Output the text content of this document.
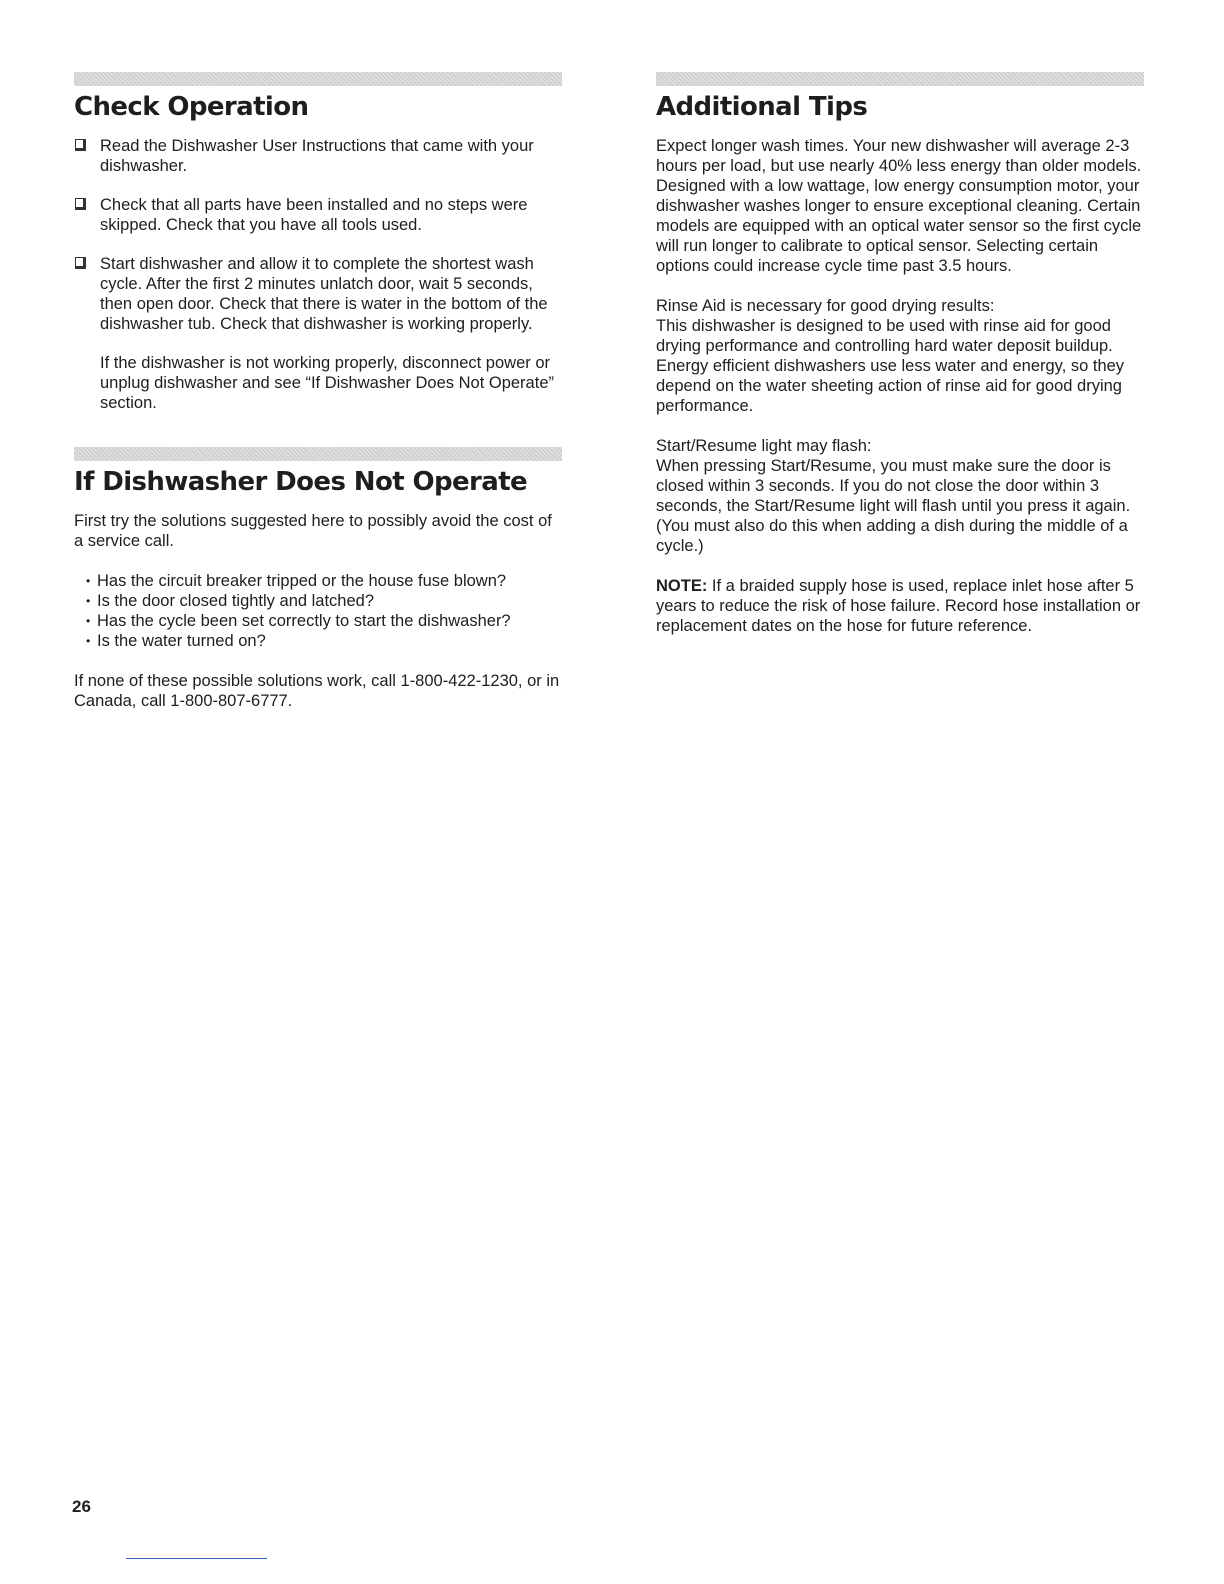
Check Operation

Read the Dishwasher User Instructions that came with your dishwasher.

Check that all parts have been installed and no steps were skipped. Check that you have all tools used.

Start dishwasher and allow it to complete the shortest wash cycle. After the first 2 minutes unlatch door, wait 5 seconds, then open door. Check that there is water in the bottom of the dishwasher tub. Check that dishwasher is working properly.

If the dishwasher is not working properly, disconnect power or unplug dishwasher and see “If Dishwasher Does Not Operate” section.

If Dishwasher Does Not Operate

First try the solutions suggested here to possibly avoid the cost of a service call.

• Has the circuit breaker tripped or the house fuse blown?
• Is the door closed tightly and latched?
• Has the cycle been set correctly to start the dishwasher?
• Is the water turned on?

If none of these possible solutions work, call 1-800-422-1230, or in Canada, call 1-800-807-6777.

Additional Tips

Expect longer wash times. Your new dishwasher will average 2-3 hours per load, but use nearly 40% less energy than older models. Designed with a low wattage, low energy consumption motor, your dishwasher washes longer to ensure exceptional cleaning. Certain models are equipped with an optical water sensor so the first cycle will run longer to calibrate to optical sensor. Selecting certain options could increase cycle time past 3.5 hours.

Rinse Aid is necessary for good drying results:

This dishwasher is designed to be used with rinse aid for good drying performance and controlling hard water deposit buildup. Energy efficient dishwashers use less water and energy, so they depend on the water sheeting action of rinse aid for good drying performance.

Start/Resume light may flash:

When pressing Start/Resume, you must make sure the door is closed within 3 seconds. If you do not close the door within 3 seconds, the Start/Resume light will flash until you press it again. (You must also do this when adding a dish during the middle of a cycle.)

NOTE: If a braided supply hose is used, replace inlet hose after 5 years to reduce the risk of hose failure. Record hose installation or replacement dates on the hose for future reference.

26
